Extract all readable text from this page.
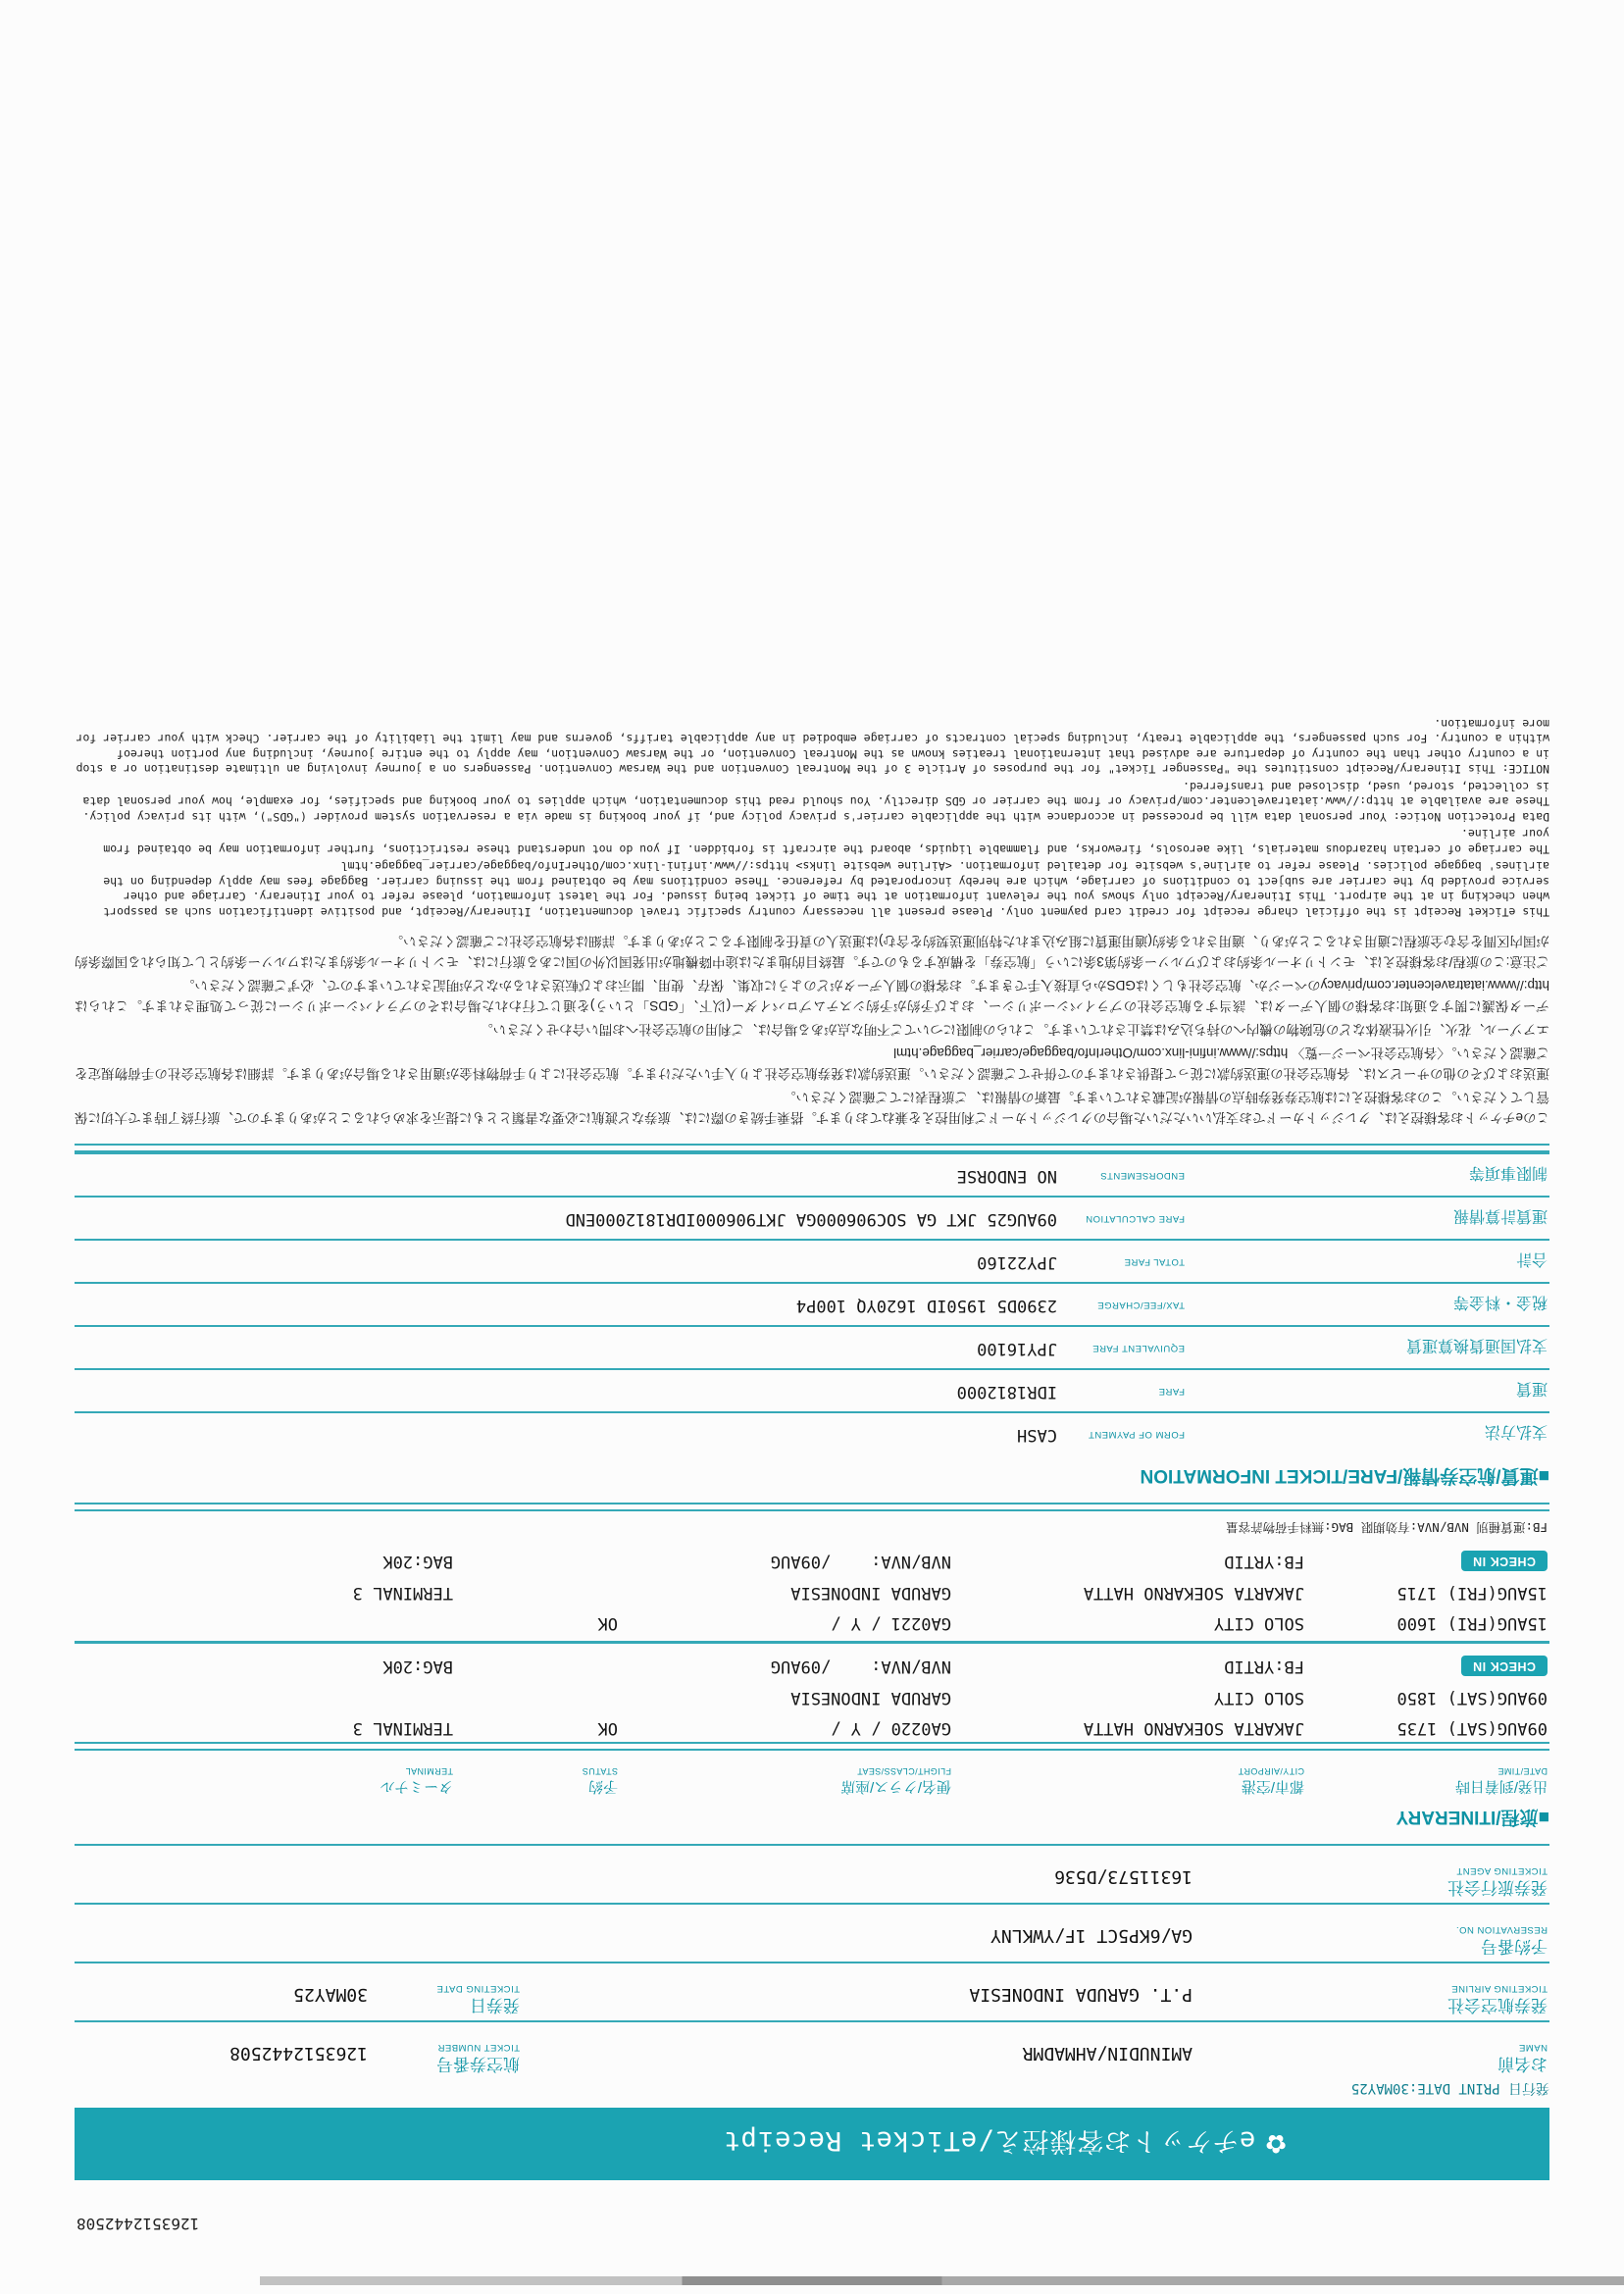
1263512442508
✿
eチケットお客様控え/eTicket Receipt
発行日 PRINT DATE:30MAY25
お名前
NAME
AMINUDIN/AHMADMR
航空券番号
TICKET NUMBER
1263512442508
発券航空会社
TICKETING AIRLINE
P.T. GARUDA INDONESIA
発券日
TICKETING DATE
30MAY25
予約番号
RESERVATION NO.
GA/6KP5CT 1F/YWKLNY
発券旅行会社
TICKETING AGENT
16311573/D536
■旅程/ITINERARY
出発/到着日時
DATE/TIME
都市/空港
CITY/AIRPORT
便名/クラス/座席
FLIGHT/CLASS/SEAT
予約
STATUS
ターミナル
TERMINAL

09AUG(SAT) 1735

JAKARTA SOEKARNO HATTA

GA0220 / Y /

OK

TERMINAL 3

09AUG(SAT) 1850

SOLO CITY

GARUDA INDONESIA

CHECK IN

FB:YRTID

NVB/NVA:    /09AUG

BAG:20K

15AUG(FRI) 1600

SOLO CITY

GA0221 / Y /

OK

15AUG(FRI) 1715

JAKARTA SOEKARNO HATTA

GARUDA INDONESIA

TERMINAL 3

CHECK IN

FB:YRTID

NVB/NVA:    /09AUG

BAG:20K

FB:運賃種別 NVB/NVA:有効期限 BAG:無料手荷物許容量
■運賃/航空券情報/FARE/TICKET INFORMATION
支払方法
FORM OF PAYMENT
CASH
運賃
FARE
IDR1812000
支払国通貨換算運賃
EQUIVALENT FARE
JPY16100
税金・料金等
TAX/FEE/CHARGE
2390D5 1950ID 1620YQ 100P4
合計
TOTAL FARE
JPY22160
運賃計算情報
FARE CALCULATION
09AUG25 JKT GA SOC906000GA JKT906000IDR1812000END
制限事項等
ENDORSEMENTS
NO ENDORSE

このeチケットお客様控えは、クレジットカードでお支払いいただいた場合のクレジットカードご利用控えを兼ねております。搭乗手続きの際には、旅券など渡航に必要な書類とともに提示を求められることがありますので、旅行終了時まで大切に保管してください。このお客様控えには航空券発券時点の情報が記載されています。最新の情報は、ご旅程表にてご確認ください。

運送およびその他のサービスは、各航空会社の運送約款に従って提供されますので併せてご確認ください。運送約款は発券航空会社より入手いただけます。航空会社により手荷物料金が適用される場合があります。詳細は各航空会社の手荷物規定をご確認ください。〈各航空会社ページ一覧〉 https://www.infini-linx.com/OtherInfo/baggage/carrier_baggage.html

エアゾール、花火、引火性液体などの危険物の機内への持ち込みは禁止されています。これらの制限についてご不明な点がある場合は、ご利用の航空会社へお問い合わせください。

データ保護に関する通知:お客様の個人データは、該当する航空会社のプライバシーポリシー、および予約が予約システムプロバイダー(以下、「GDS」という)を通じて行われた場合はそのプライバシーポリシーに従って処理されます。これらはhttp://www.iatatravelcenter.com/privacyのページか、航空会社もしくはGDSから直接入手できます。お客様の個人データがどのように収集、保存、使用、開示および転送されるかなどが明記されていますので、必ずご確認ください。

ご注意:この旅程/お客様控えは、モントリオール条約およびワルソー条約第3条にいう「航空券」を構成するものです。最終目的地または途中降機地が出発国以外の国にある旅行には、モントリオール条約またはワルソー条約として知られる国際条約が国内区間を含む全旅程に適用されることがあり、適用される条約(適用運賃に組み込まれた特別運送契約を含む)は運送人の責任を制限することがあります。詳細は各航空会社にご確認ください。

This eTicket Receipt is the official charge receipt for credit card payment only. Please present all necessary country specific travel documentation, Itinerary/Receipt, and positive identification such as passport when checking in at the airport. This Itinerary/Receipt only shows you the relevant information at the time of ticket being issued. For the latest information, please refer to your Itinerary. Carriage and other service provided by the carrier are subject to conditions of carriage, which are hereby incorporated by reference. These conditions may be obtained from the issuing carrier. Baggage fees may apply depending on the airlines' baggage policies. Please refer to airline's website for detailed information. <Airline website links> https://www.infini-linx.com/OtherInfo/baggage/carrier_baggage.html

The carriage of certain hazardous materials, like aerosols, fireworks, and flammable liquids, aboard the aircraft is forbidden. If you do not understand these restrictions, further information may be obtained from your airline.

Data Protection Notice: Your personal data will be processed in accordance with the applicable carrier's privacy policy and, if your booking is made via a reservation system provider ("GDS"), with its privacy policy. These are available at http://www.iatatravelcenter.com/privacy or from the carrier or GDS directly. You should read this documentation, which applies to your booking and specifies, for example, how your personal data is collected, stored, used, disclosed and transferred.

NOTICE: This Itinerary/Receipt constitutes the "Passenger Ticket" for the purposes of Article 3 of the Montreal Convention and the Warsaw Convention. Passengers on a journey involving an ultimate destination or a stop in a country other than the country of departure are advised that international treaties known as the Montreal Convention, or the Warsaw Convention, may apply to the entire journey, including any portion thereof within a country. For such passengers, the applicable treaty, including special contracts of carriage embodied in any applicable tariffs, governs and may limit the liability of the carrier. Check with your carrier for more information.
